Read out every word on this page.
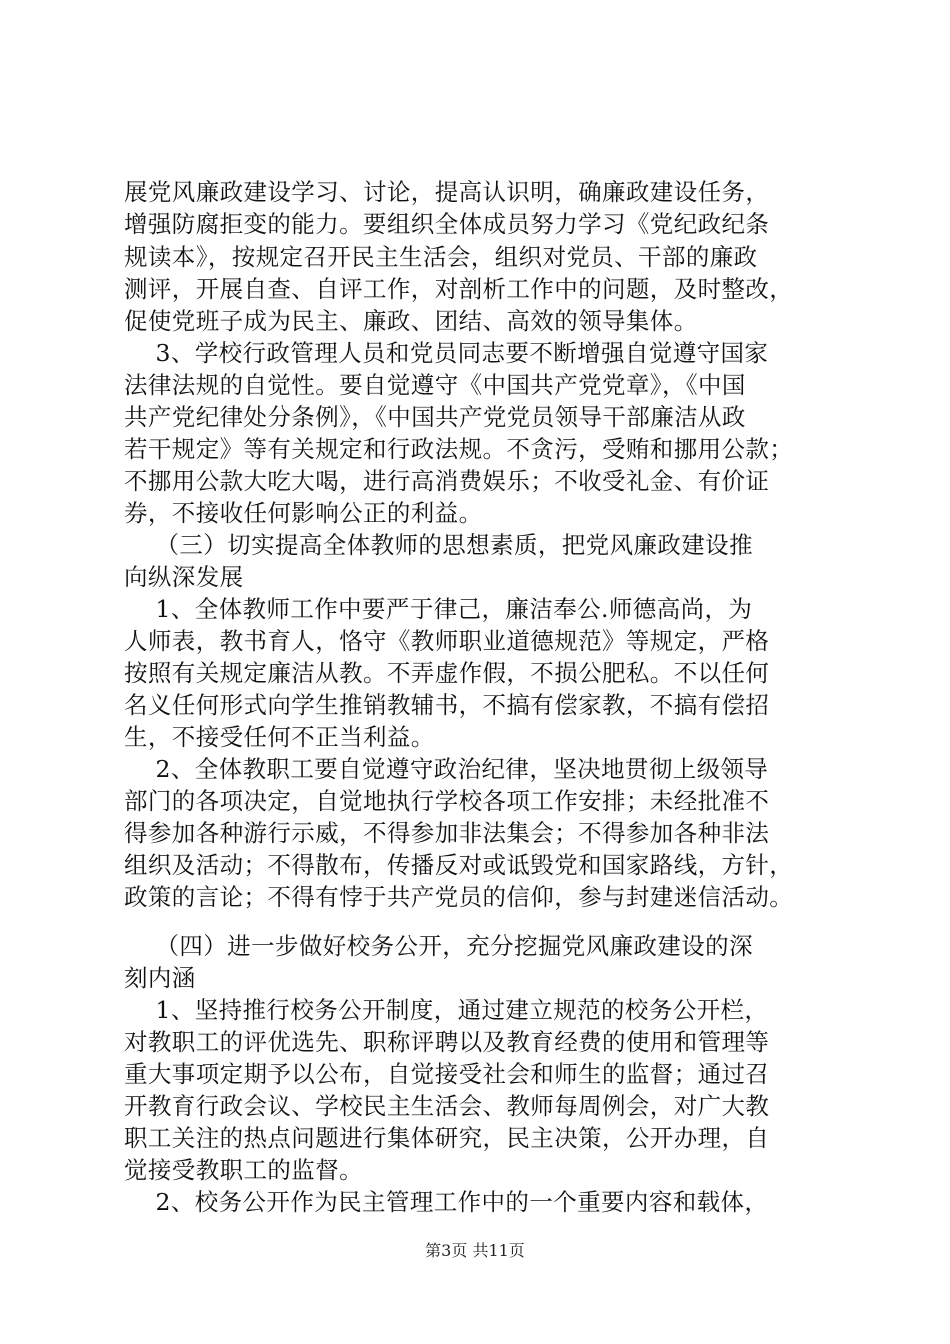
展党风廉政建设学习、讨论，提高认识明，确廉政建设任务，
增强防腐拒变的能力。要组织全体成员努力学习《党纪政纪条
规读本》，按规定召开民主生活会，组织对党员、干部的廉政
测评，开展自查、自评工作，对剖析工作中的问题，及时整改，
促使党班子成为民主、廉政、团结、高效的领导集体。
3、学校行政管理人员和党员同志要不断增强自觉遵守国家
法律法规的自觉性。要自觉遵守《中国共产党党章》，《中国
共产党纪律处分条例》，《中国共产党党员领导干部廉洁从政
若干规定》等有关规定和行政法规。不贪污，受贿和挪用公款；
不挪用公款大吃大喝，进行高消费娱乐；不收受礼金、有价证
券，不接收任何影响公正的利益。
（三）切实提高全体教师的思想素质，把党风廉政建设推
向纵深发展
1、全体教师工作中要严于律己，廉洁奉公.师德高尚，为
人师表，教书育人，恪守《教师职业道德规范》等规定，严格
按照有关规定廉洁从教。不弄虚作假，不损公肥私。不以任何
名义任何形式向学生推销教辅书，不搞有偿家教，不搞有偿招
生，不接受任何不正当利益。
2、全体教职工要自觉遵守政治纪律，坚决地贯彻上级领导
部门的各项决定，自觉地执行学校各项工作安排；未经批准不
得参加各种游行示威，不得参加非法集会；不得参加各种非法
组织及活动；不得散布，传播反对或诋毁党和国家路线，方针，
政策的言论；不得有悖于共产党员的信仰，参与封建迷信活动。
（四）进一步做好校务公开，充分挖掘党风廉政建设的深
刻内涵
1、坚持推行校务公开制度，通过建立规范的校务公开栏，
对教职工的评优选先、职称评聘以及教育经费的使用和管理等
重大事项定期予以公布，自觉接受社会和师生的监督；通过召
开教育行政会议、学校民主生活会、教师每周例会，对广大教
职工关注的热点问题进行集体研究，民主决策，公开办理，自
觉接受教职工的监督。
2、校务公开作为民主管理工作中的一个重要内容和载体，
第3页 共11页
